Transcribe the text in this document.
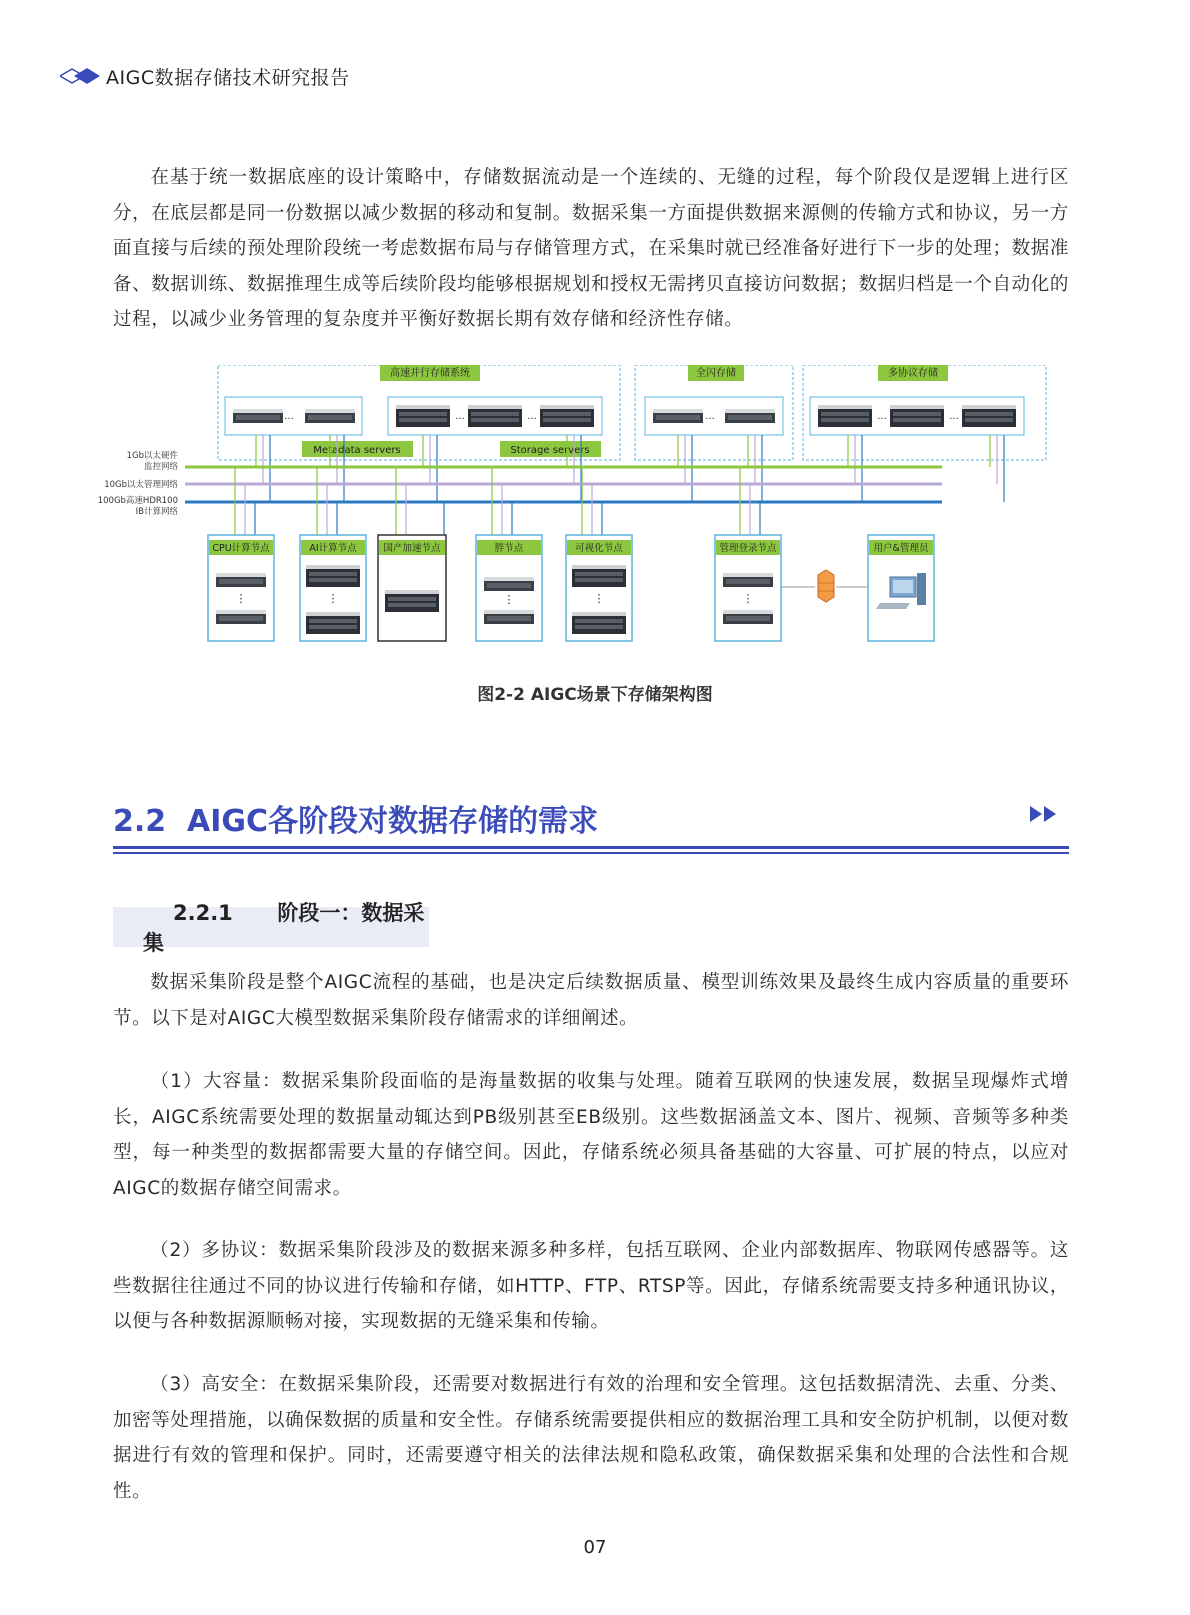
AIGC数据存储技术研究报告

在基于统一数据底座的设计策略中，存储数据流动是一个连续的、无缝的过程，每个阶段仅是逻辑上进行区分，在底层都是同一份数据以减少数据的移动和复制。数据采集一方面提供数据来源侧的传输方式和协议，另一方面直接与后续的预处理阶段统一考虑数据布局与存储管理方式，在采集时就已经准备好进行下一步的处理；数据准备、数据训练、数据推理生成等后续阶段均能够根据规划和授权无需拷贝直接访问数据；数据归档是一个自动化的过程，以减少业务管理的复杂度并平衡好数据长期有效存储和经济性存储。

高速并行存储系统	全闪存储	多协议存储
...	...	...	...	...	...
Metadata servers	Storage servers
1Gb以太硬件
监控网络
10Gb以太管理网络
100Gb高速HDR100
IB计算网络
CPU计算节点
⋮
AI计算节点
⋮
国产加速节点	胖节点
⋮
可视化节点
⋮
管理登录节点
⋮
用户&管理员
图2-2 AIGC场景下存储架构图
2.2 AIGC各阶段对数据存储的需求
2.2.1 阶段一：数据采集

数据采集阶段是整个AIGC流程的基础，也是决定后续数据质量、模型训练效果及最终生成内容质量的重要环节。以下是对AIGC大模型数据采集阶段存储需求的详细阐述。

（1）大容量：数据采集阶段面临的是海量数据的收集与处理。随着互联网的快速发展，数据呈现爆炸式增长，AIGC系统需要处理的数据量动辄达到PB级别甚至EB级别。这些数据涵盖文本、图片、视频、音频等多种类型，每一种类型的数据都需要大量的存储空间。因此，存储系统必须具备基础的大容量、可扩展的特点，以应对AIGC的数据存储空间需求。

（2）多协议：数据采集阶段涉及的数据来源多种多样，包括互联网、企业内部数据库、物联网传感器等。这些数据往往通过不同的协议进行传输和存储，如HTTP、FTP、RTSP等。因此，存储系统需要支持多种通讯协议，以便与各种数据源顺畅对接，实现数据的无缝采集和传输。

（3）高安全：在数据采集阶段，还需要对数据进行有效的治理和安全管理。这包括数据清洗、去重、分类、加密等处理措施，以确保数据的质量和安全性。存储系统需要提供相应的数据治理工具和安全防护机制，以便对数据进行有效的管理和保护。同时，还需要遵守相关的法律法规和隐私政策，确保数据采集和处理的合法性和合规性。

07
